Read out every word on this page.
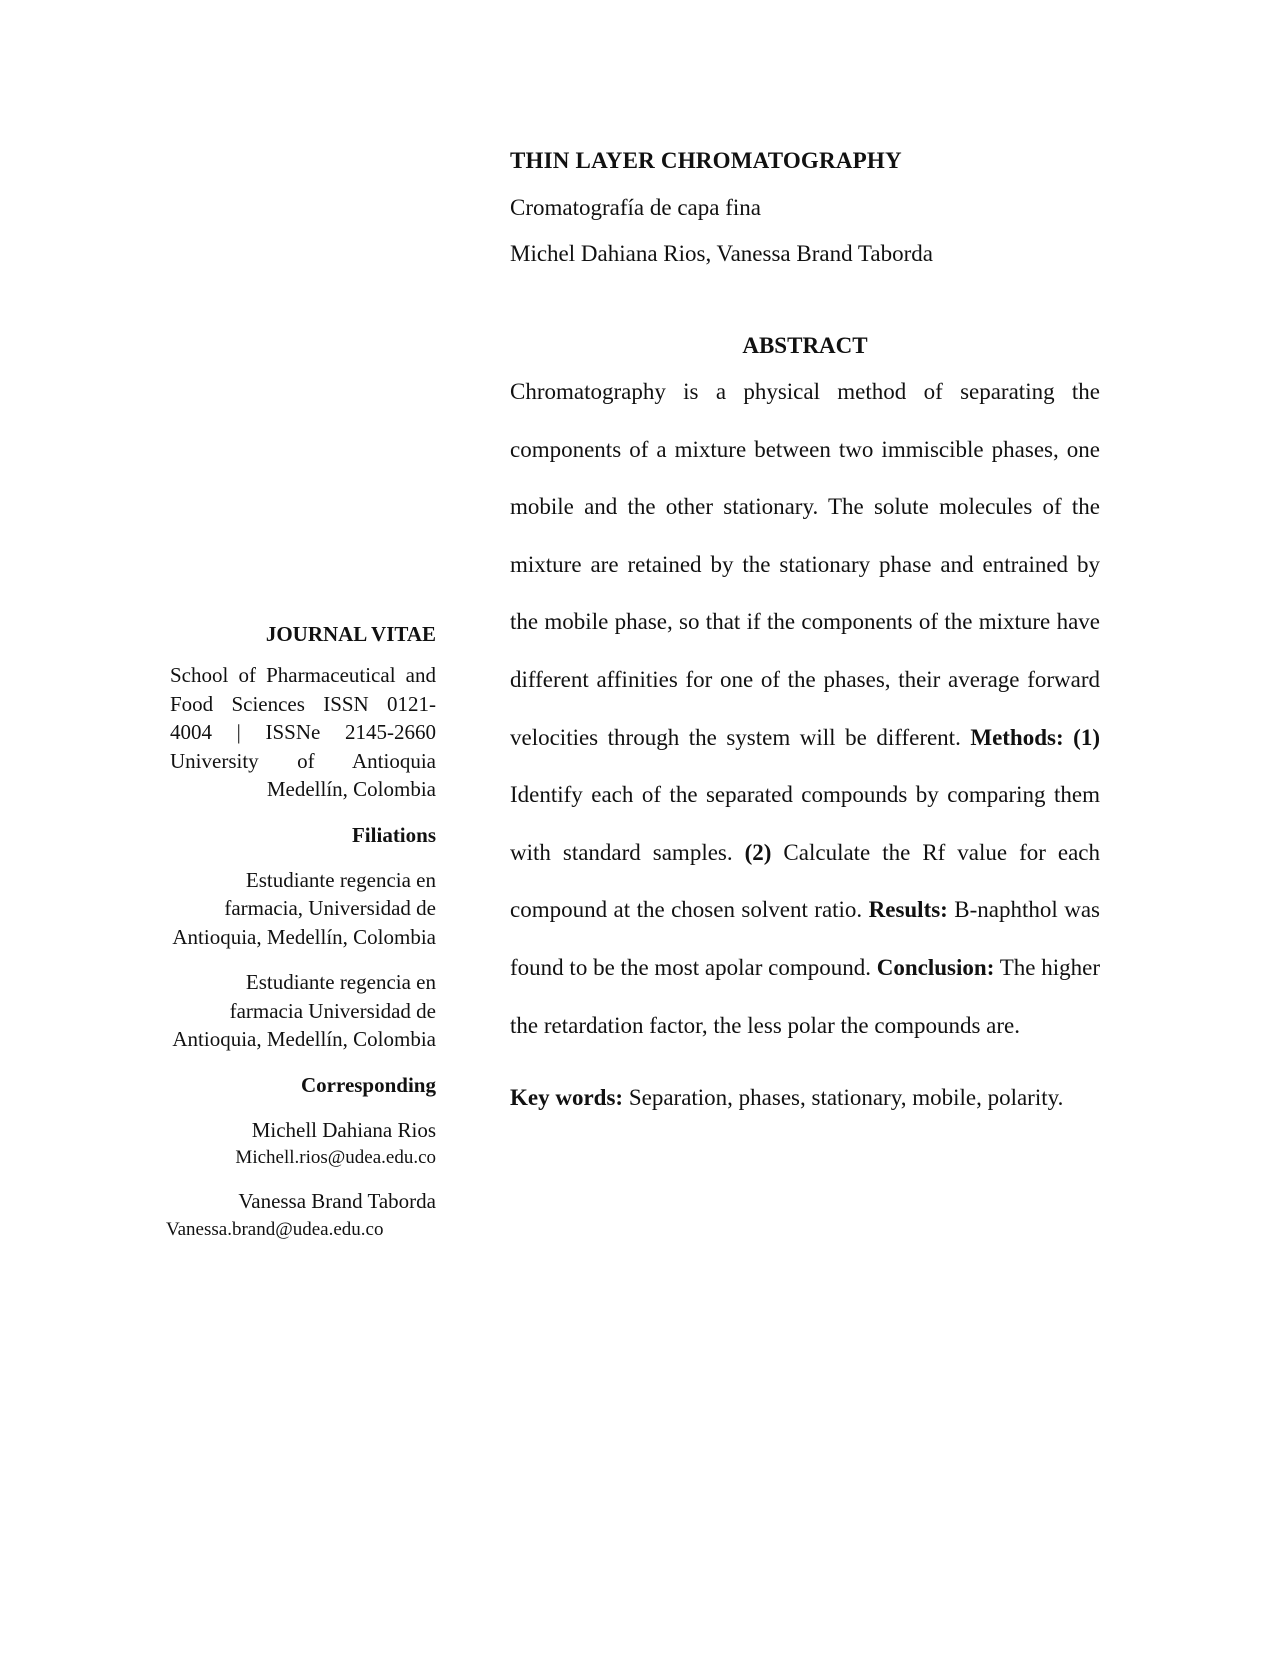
THIN LAYER CHROMATOGRAPHY

Cromatografía de capa fina

Michel Dahiana Rios, Vanessa Brand Taborda

ABSTRACT

Chromatography is a physical method of separating the components of a mixture between two immiscible phases, one mobile and the other stationary. The solute molecules of the mixture are retained by the stationary phase and entrained by the mobile phase, so that if the components of the mixture have different affinities for one of the phases, their average forward velocities through the system will be different. Methods: (1) Identify each of the separated compounds by comparing them with standard samples. (2) Calculate the Rf value for each compound at the chosen solvent ratio. Results: B-naphthol was found to be the most apolar compound. Conclusion: The higher the retardation factor, the less polar the compounds are.

Key words: Separation, phases, stationary, mobile, polarity.

JOURNAL VITAE

School of Pharmaceutical and Food Sciences ISSN 0121-4004 | ISSNe 2145-2660 University of Antioquia Medellín, Colombia

Filiations

Estudiante regencia en farmacia, Universidad de Antioquia, Medellín, Colombia

Estudiante regencia en farmacia Universidad de Antioquia, Medellín, Colombia

Corresponding

Michell Dahiana Rios

Michell.rios@udea.edu.co

Vanessa Brand Taborda

Vanessa.brand@udea.edu.co
